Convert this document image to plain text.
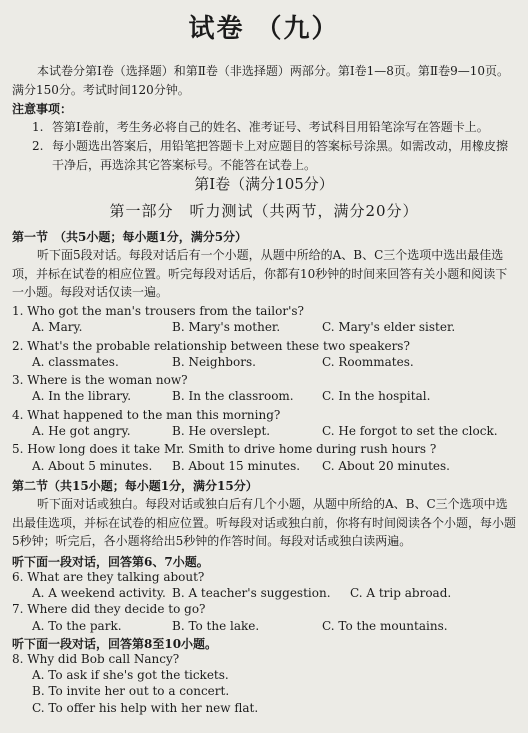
试卷 （九）
本试卷分第Ⅰ卷（选择题）和第Ⅱ卷（非选择题）两部分。第Ⅰ卷1—8页。第Ⅱ卷9—10页。满分150分。考试时间120分钟。
注意事项：
1. 答第Ⅰ卷前，考生务必将自己的姓名、准考证号、考试科目用铅笔涂写在答题卡上。
2. 每小题选出答案后，用铅笔把答题卡上对应题目的答案标号涂黑。如需改动，用橡皮擦干净后，再选涂其它答案标号。不能答在试卷上。
第Ⅰ卷（满分105分）
第一部分　听力测试（共两节，满分20分）
第一节　（共5小题；每小题1分，满分5分）
听下面5段对话。每段对话后有一个小题，从题中所给的A、B、C三个选项中选出最佳选项，并标在试卷的相应位置。听完每段对话后，你都有10秒钟的时间来回答有关小题和阅读下一小题。每段对话仅读一遍。
1. Who got the man's trousers from the tailor's?
A. Mary.	B. Mary's mother.	C. Mary's elder sister.
2. What's the probable relationship between these two speakers?
A. classmates.	B. Neighbors.	C. Roommates.
3. Where is the woman now?
A. In the library.	B. In the classroom. C. In the hospital.
4. What happened to the man this morning?
A. He got angry.	B. He overslept.	C. He forgot to set the clock.
5. How long does it take Mr. Smith to drive home during rush hours ?
A. About 5 minutes. B. About 15 minutes. C. About 20 minutes.
第二节（共15小题；每小题1分，满分15分）
听下面对话或独白。每段对话或独白后有几个小题，从题中所给的A、B、C三个选项中选出最佳选项，并标在试卷的相应位置。听每段对话或独白前，你将有时间阅读各个小题，每小题5秒钟；听完后，各小题将给出5秒钟的作答时间。每段对话或独白读两遍。
听下面一段对话，回答第6、7小题。
6. What are they talking about?
A. A weekend activity. B. A teacher's suggestion. C. A trip abroad.
7. Where did they decide to go?
A. To the park.	B. To the lake.	C. To the mountains.
听下面一段对话，回答第8至10小题。
8. Why did Bob call Nancy?
A. To ask if she's got the tickets.
B. To invite her out to a concert.
C. To offer his help with her new flat.
